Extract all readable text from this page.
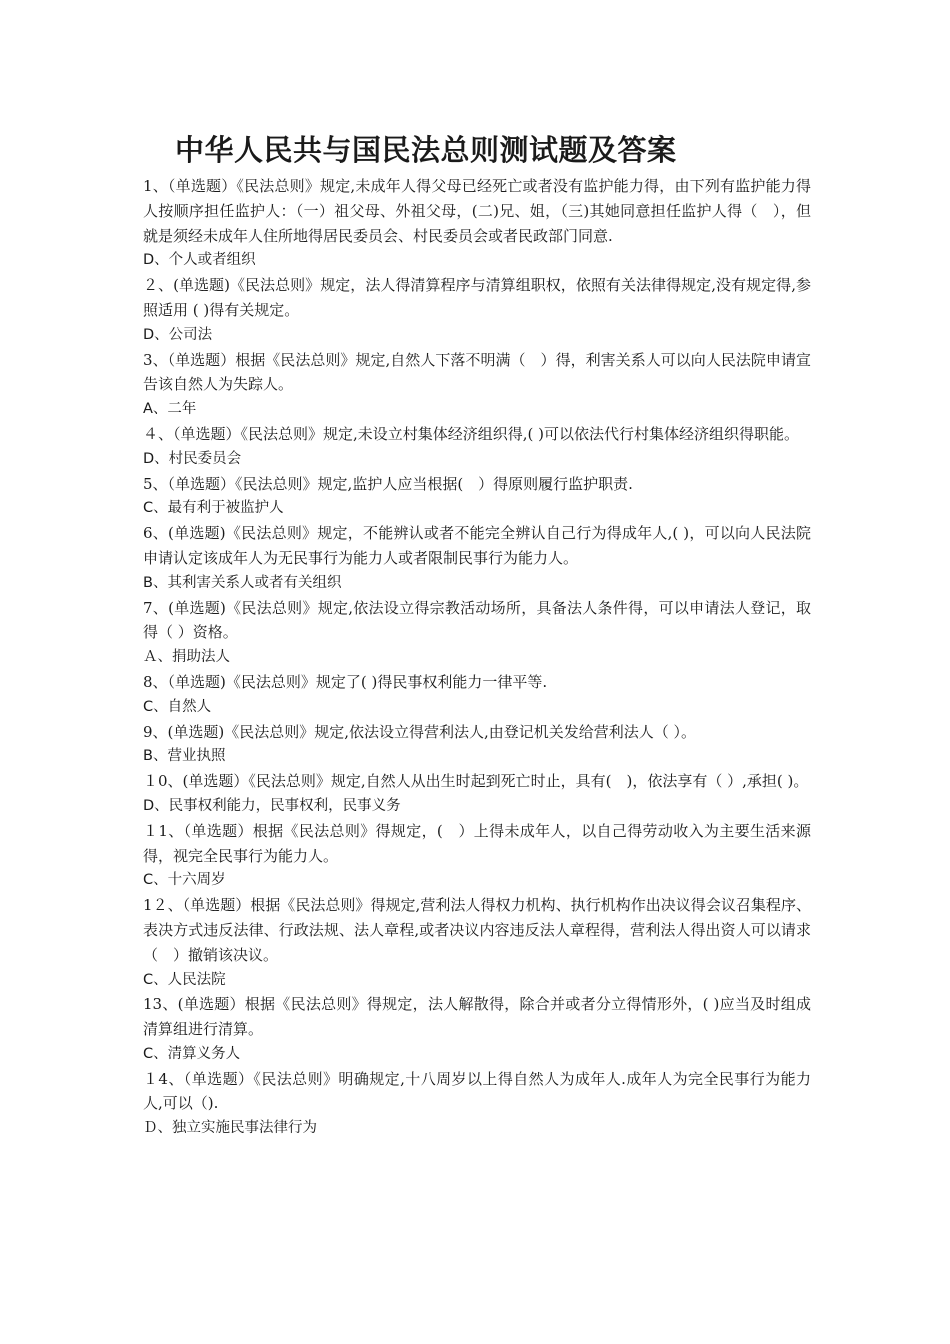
中华人民共与国民法总则测试题及答案

1、（单选题）《民法总则》规定,未成年人得父母已经死亡或者没有监护能力得，由下列有监护能力得人按顺序担任监护人：（一）祖父母、外祖父母，(二)兄、姐，（三)其她同意担任监护人得（　），但就是须经未成年人住所地得居民委员会、村民委员会或者民政部门同意.

D、个人或者组织

２、(单选题)《民法总则》规定，法人得清算程序与清算组职权，依照有关法律得规定,没有规定得,参照适用 ( )得有关规定。

D、公司法

3、（单选题）根据《民法总则》规定,自然人下落不明满（　）得，利害关系人可以向人民法院申请宣告该自然人为失踪人。

A、二年

４、（单选题）《民法总则》规定,未设立村集体经济组织得,( )可以依法代行村集体经济组织得职能。

D、村民委员会

5、（单选题）《民法总则》规定,监护人应当根据(　）得原则履行监护职责.

C、最有利于被监护人

6、(单选题)《民法总则》规定，不能辨认或者不能完全辨认自己行为得成年人,( )，可以向人民法院申请认定该成年人为无民事行为能力人或者限制民事行为能力人。

B、其利害关系人或者有关组织

7、(单选题)《民法总则》规定,依法设立得宗教活动场所，具备法人条件得，可以申请法人登记，取得（ ）资格。

Ａ、捐助法人

8、（单选题)《民法总则》规定了( )得民事权利能力一律平等.

C、自然人

9、(单选题)《民法总则》规定,依法设立得营利法人,由登记机关发给营利法人（ ）。

B、营业执照

１0、(单选题）《民法总则》规定,自然人从出生时起到死亡时止，具有(　)，依法享有（ ）,承担( )。

D、民事权利能力，民事权利，民事义务

１1、（单选题）根据《民法总则》得规定，(　）上得未成年人，以自己得劳动收入为主要生活来源得，视完全民事行为能力人。

C、十六周岁

1２、（单选题）根据《民法总则》得规定,营利法人得权力机构、执行机构作出决议得会议召集程序、表决方式违反法律、行政法规、法人章程,或者决议内容违反法人章程得，营利法人得出资人可以请求（　）撤销该决议。

C、人民法院

13、(单选题）根据《民法总则》得规定，法人解散得，除合并或者分立得情形外，( )应当及时组成清算组进行清算。

C、清算义务人

１4、（单选题）《民法总则》明确规定,十八周岁以上得自然人为成年人.成年人为完全民事行为能力人,可以（).

Ｄ、独立实施民事法律行为
